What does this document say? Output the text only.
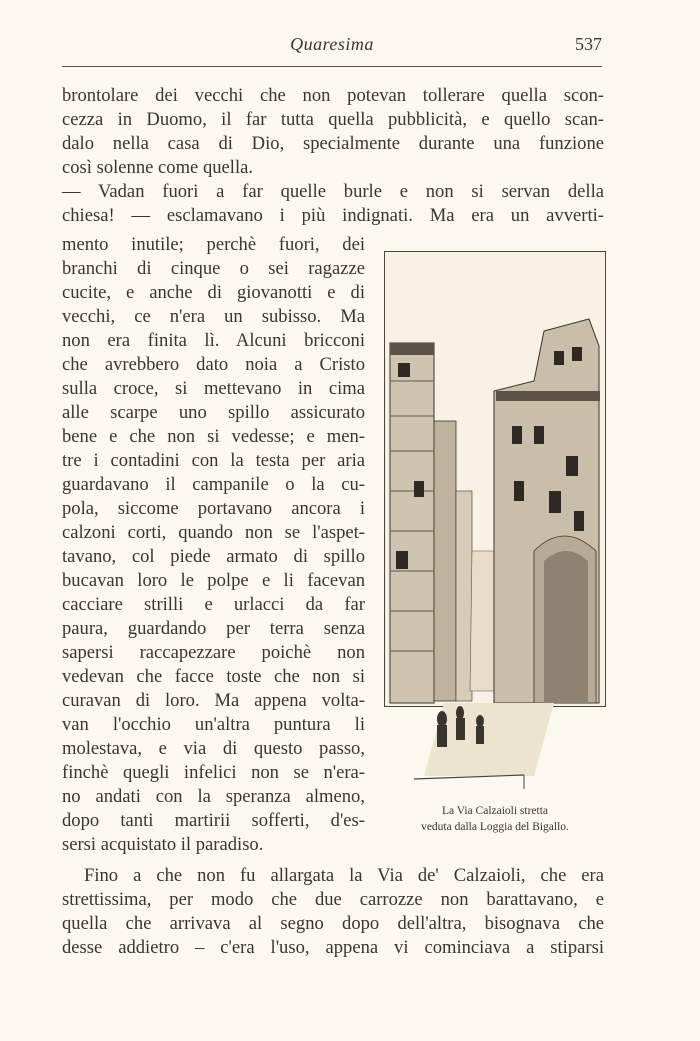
Quaresima	537
brontolare dei vecchi che non potevan tollerare quella scon-
cezza in Duomo, il far tutta quella pubblicità, e quello scan-
dalo nella casa di Dio, specialmente durante una funzione
così solenne come quella.
— Vadan fuori a far quelle burle e non si servan della
chiesa! — esclamavano i più indignati. Ma era un avverti-
mento inutile; perchè fuori, dei
branchi di cinque o sei ragazze
cucite, e anche di giovanotti e di
vecchi, ce n'era un subisso. Ma
non era finita lì. Alcuni bricconi
che avrebbero dato noia a Cristo
sulla croce, si mettevano in cima
alle scarpe uno spillo assicurato
bene e che non si vedesse; e men-
tre i contadini con la testa per aria
guardavano il campanile o la cu-
pola, siccome portavano ancora i
calzoni corti, quando non se l'aspet-
tavano, col piede armato di spillo
bucavan loro le polpe e li facevan
cacciare strilli e urlacci da far
paura, guardando per terra senza
sapersi raccapezzare poichè non
vedevan che facce toste che non si
curavan di loro. Ma appena volta-
van l'occhio un'altra puntura li
molestava, e via di questo passo,
finchè quegli infelici non se n'era-
no andati con la speranza almeno,
dopo tanti martirii sofferti, d'es-
sersi acquistato il paradiso.
La Via Calzaioli stretta
veduta dalla Loggia del Bigallo.
Fino a che non fu allargata la Via de' Calzaioli, che era
strettissima, per modo che due carrozze non barattavano, e
quella che arrivava al segno dopo dell'altra, bisognava che
desse addietro – c'era l'uso, appena vi cominciava a stiparsi
